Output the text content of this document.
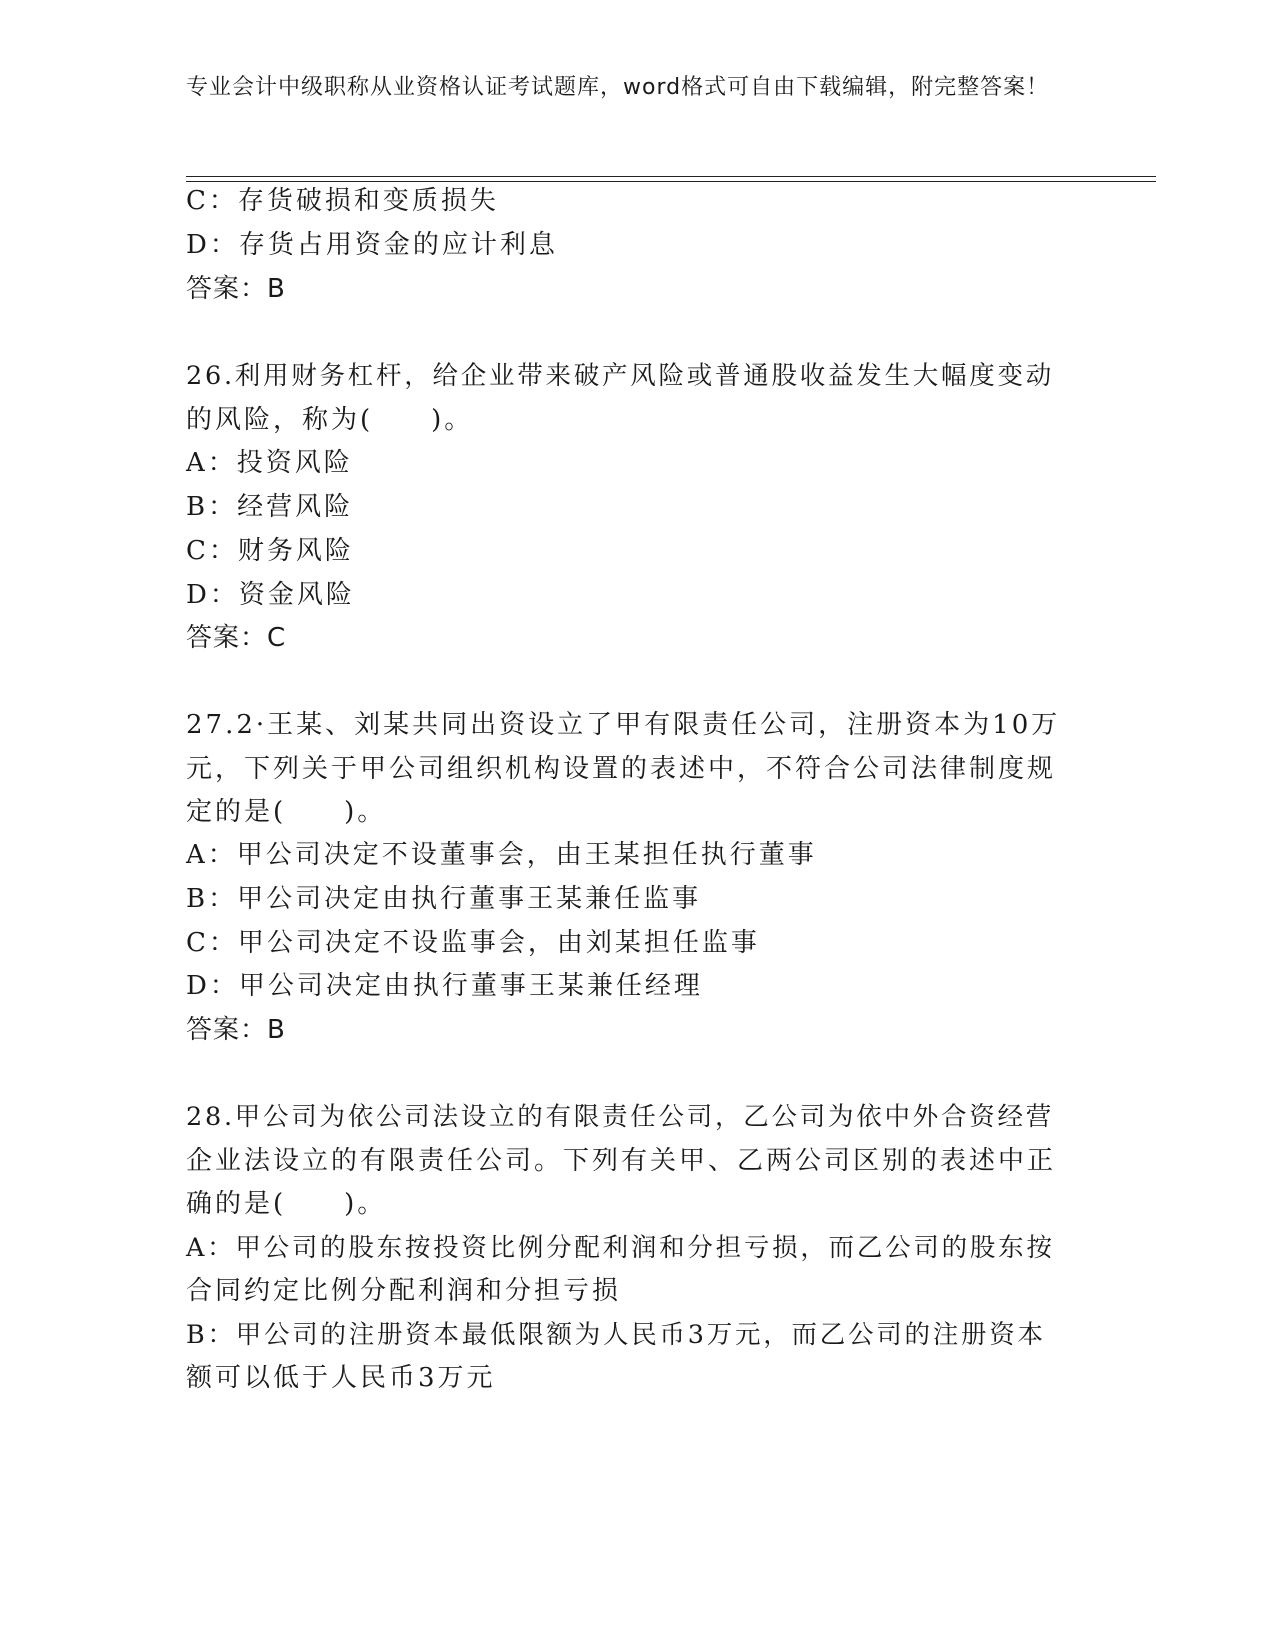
专业会计中级职称从业资格认证考试题库，word格式可自由下载编辑，附完整答案！
C：存货破损和变质损失
D：存货占用资金的应计利息
答案：B
26.利用财务杠杆，给企业带来破产风险或普通股收益发生大幅度变动
的风险，称为(　　)。
A：投资风险
B：经营风险
C：财务风险
D：资金风险
答案：C
27.2·王某、刘某共同出资设立了甲有限责任公司，注册资本为10万
元，下列关于甲公司组织机构设置的表述中，不符合公司法律制度规
定的是(　　)。
A：甲公司决定不设董事会，由王某担任执行董事
B：甲公司决定由执行董事王某兼任监事
C：甲公司决定不设监事会，由刘某担任监事
D：甲公司决定由执行董事王某兼任经理
答案：B
28.甲公司为依公司法设立的有限责任公司，乙公司为依中外合资经营
企业法设立的有限责任公司。下列有关甲、乙两公司区别的表述中正
确的是(　　)。
A：甲公司的股东按投资比例分配利润和分担亏损，而乙公司的股东按
合同约定比例分配利润和分担亏损
B：甲公司的注册资本最低限额为人民币3万元，而乙公司的注册资本
额可以低于人民币3万元
